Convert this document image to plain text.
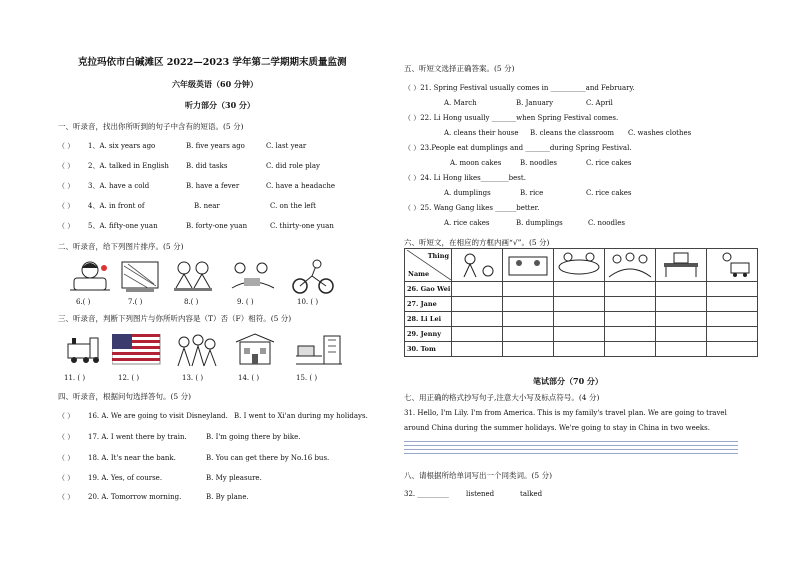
克拉玛依市白碱滩区 2022—2023 学年第二学期期末质量监测
六年级英语（60 分钟）
听力部分（30 分）
一、听录音，找出你所听到的句子中含有的短语。(5 分)
（ ） 1、A. six years ago	B. five years ago	C. last year
（ ） 2、A. talked in English B. did tasks	C. did role play
（ ） 3、A. have a cold	B. have a fever	C. have a headache
（ ） 4、A. in front of	B. near	C. on the left
（ ） 5、A. fifty-one yuan	B. forty-one yuan	C. thirty-one yuan
二、听录音，给下列图片排序。(5 分)
6.( )	7.( )	8.( )	9. ( )	10. ( )
三、听录音，判断下列图片与你所听内容是（T）否（F）相符。(5 分)
11. ( )	12. ( )	13. ( )	14. ( )	15. ( )
四、听录音，根据问句选择答句。(5 分)
（ ） 16. A. We are going to visit Disneyland. B. I went to Xi'an during my holidays.
（ ） 17. A. I went there by train.	B. I'm going there by bike.
（ ） 18. A. It's near the bank.	B. You can get there by No.16 bus.
（ ） 19. A. Yes, of course.	B. My pleasure.
（ ） 20. A. Tomorrow morning.	B. By plane.
五、听短文选择正确答案。(5 分)
（ ）21. Spring Festival usually comes in __________and February.
A. March	B. January	C. April
（ ）22. Li Hong usually _______when Spring Festival comes.
A. cleans their house B. cleans the classroom C. washes clothes
（ ）23.People eat dumplings and _______during Spring Festival.
A. moon cakes	B. noodles	C. rice cakes
（ ）24. Li Hong likes________best.
A. dumplings	B. rice	C. rice cakes
（ ）25. Wang Gang likes ______better.
A. rice cakes	B. dumplings	C. noodles
六、听短文，在相应的方框内画“√”。(5 分)
Thing
Name

26. Gao Wei						
27. Jane						
28. Li Lei						
29. Jenny						
30. Tom						
笔试部分（70 分）
七、用正确的格式抄写句子,注意大小写及标点符号。(4 分)
31. Hello, I'm Lily. I'm from America. This is my family's travel plan. We are going to travel
around China during the summer holidays. We're going to stay in China in two weeks.
八、请根据所给单词写出一个同类词。(5 分)
32. _________ listened	talked
